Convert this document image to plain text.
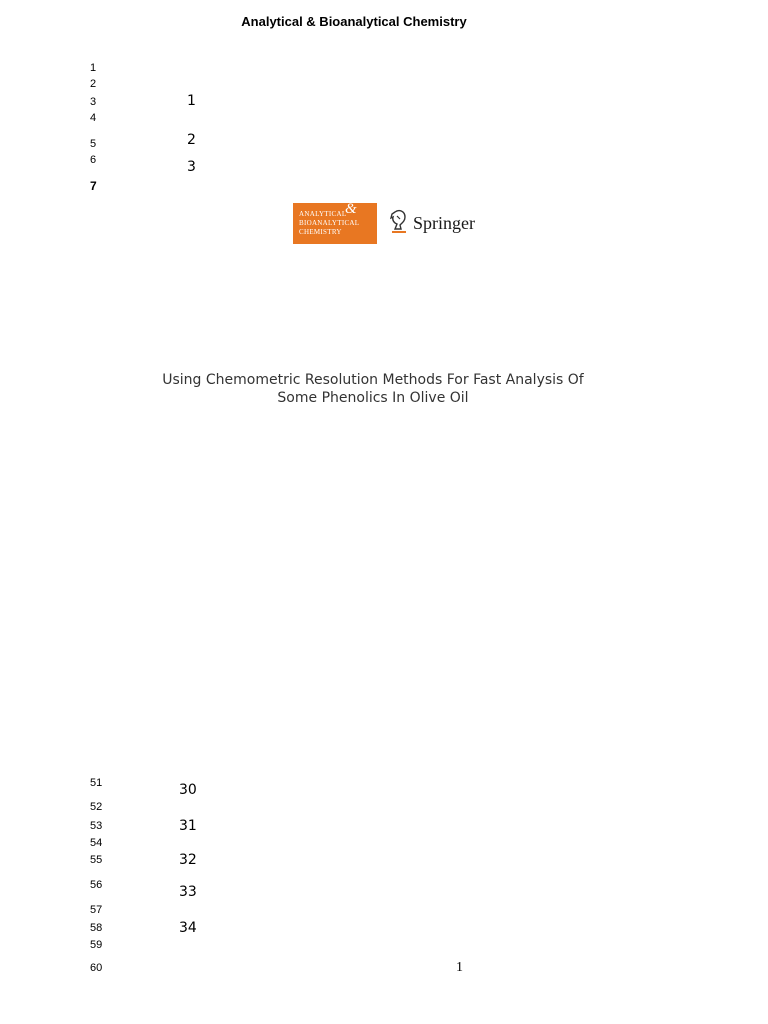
Analytical & Bioanalytical Chemistry
1
2
3
4
5
6
7
1
2
3
ANALYTICAL
BIOANALYTICAL
CHEMISTRY
&
Springer
Using Chemometric Resolution Methods For Fast Analysis Of
Some Phenolics In Olive Oil
51
52
53
54
55
56
57
58
59
60
30
31
32
33
34
1
